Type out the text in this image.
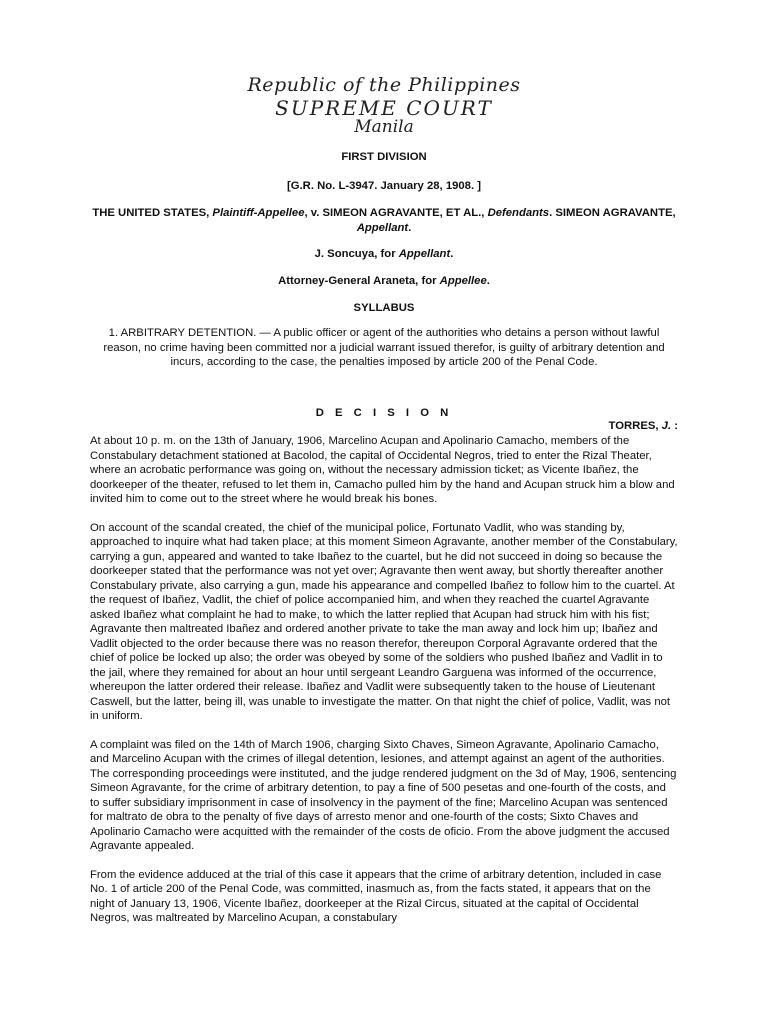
Republic of the Philippines
SUPREME COURT
Manila
FIRST DIVISION
[G.R. No. L-3947. January 28, 1908. ]
THE UNITED STATES, Plaintiff-Appellee, v. SIMEON AGRAVANTE, ET AL., Defendants. SIMEON AGRAVANTE, Appellant.
J. Soncuya, for Appellant.
Attorney-General Araneta, for Appellee.
SYLLABUS
1. ARBITRARY DETENTION. — A public officer or agent of the authorities who detains a person without lawful reason, no crime having been committed nor a judicial warrant issued therefor, is guilty of arbitrary detention and incurs, according to the case, the penalties imposed by article 200 of the Penal Code.
D E C I S I O N
TORRES, J. :

At about 10 p. m. on the 13th of January, 1906, Marcelino Acupan and Apolinario Camacho, members of the Constabulary detachment stationed at Bacolod, the capital of Occidental Negros, tried to enter the Rizal Theater, where an acrobatic performance was going on, without the necessary admission ticket; as Vicente Ibañez, the doorkeeper of the theater, refused to let them in, Camacho pulled him by the hand and Acupan struck him a blow and invited him to come out to the street where he would break his bones.

On account of the scandal created, the chief of the municipal police, Fortunato Vadlit, who was standing by, approached to inquire what had taken place; at this moment Simeon Agravante, another member of the Constabulary, carrying a gun, appeared and wanted to take Ibañez to the cuartel, but he did not succeed in doing so because the doorkeeper stated that the performance was not yet over; Agravante then went away, but shortly thereafter another Constabulary private, also carrying a gun, made his appearance and compelled Ibañez to follow him to the cuartel. At the request of Ibañez, Vadlit, the chief of police accompanied him, and when they reached the cuartel Agravante asked Ibañez what complaint he had to make, to which the latter replied that Acupan had struck him with his fist; Agravante then maltreated Ibañez and ordered another private to take the man away and lock him up; Ibañez and Vadlit objected to the order because there was no reason therefor, thereupon Corporal Agravante ordered that the chief of police be locked up also; the order was obeyed by some of the soldiers who pushed Ibañez and Vadlit in to the jail, where they remained for about an hour until sergeant Leandro Garguena was informed of the occurrence, whereupon the latter ordered their release. Ibañez and Vadlit were subsequently taken to the house of Lieutenant Caswell, but the latter, being ill, was unable to investigate the matter. On that night the chief of police, Vadlit, was not in uniform.

A complaint was filed on the 14th of March 1906, charging Sixto Chaves, Simeon Agravante, Apolinario Camacho, and Marcelino Acupan with the crimes of illegal detention, lesiones, and attempt against an agent of the authorities. The corresponding proceedings were instituted, and the judge rendered judgment on the 3d of May, 1906, sentencing Simeon Agravante, for the crime of arbitrary detention, to pay a fine of 500 pesetas and one-fourth of the costs, and to suffer subsidiary imprisonment in case of insolvency in the payment of the fine; Marcelino Acupan was sentenced for maltrato de obra to the penalty of five days of arresto menor and one-fourth of the costs; Sixto Chaves and Apolinario Camacho were acquitted with the remainder of the costs de oficio. From the above judgment the accused Agravante appealed.

From the evidence adduced at the trial of this case it appears that the crime of arbitrary detention, included in case No. 1 of article 200 of the Penal Code, was committed, inasmuch as, from the facts stated, it appears that on the night of January 13, 1906, Vicente Ibañez, doorkeeper at the Rizal Circus, situated at the capital of Occidental Negros, was maltreated by Marcelino Acupan, a constabulary
